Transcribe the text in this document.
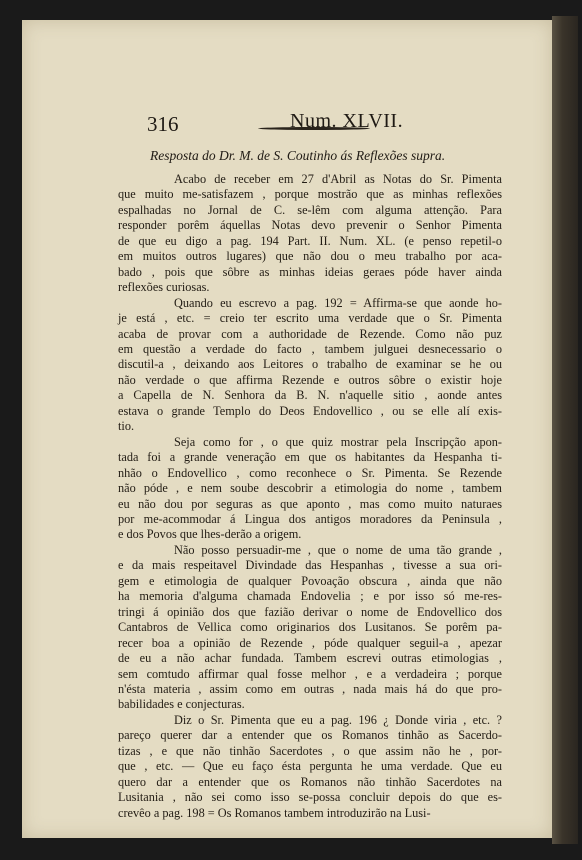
316	Num. XLVII.
Resposta do Dr. M. de S. Coutinho ás Reflexões supra.

Acabo de receber em 27 d'Abril as Notas do Sr. Pimenta
que muito me-satisfazem , porque mostrão que as minhas reflexões
espalhadas no Jornal de C. se-lêm com alguma attenção. Para
responder porêm áquellas Notas devo prevenir o Senhor Pimenta
de que eu digo a pag. 194 Part. II. Num. XL. (e penso repetil-o
em muitos outros lugares) que não dou o meu trabalho por aca-
bado , pois que sôbre as minhas ideias geraes póde haver ainda
reflexões curiosas.

Quando eu escrevo a pag. 192 = Affirma-se que aonde ho-
je está , etc. = creio ter escrito uma verdade que o Sr. Pimenta
acaba de provar com a authoridade de Rezende. Como não puz
em questão a verdade do facto , tambem julguei desnecessario o
discutil-a , deixando aos Leitores o trabalho de examinar se he ou
não verdade o que affirma Rezende e outros sôbre o existir hoje
a Capella de N. Senhora da B. N. n'aquelle sitio , aonde antes
estava o grande Templo do Deos Endovellico , ou se elle alí exis-
tio.

Seja como for , o que quiz mostrar pela Inscripção apon-
tada foi a grande veneração em que os habitantes da Hespanha ti-
nhão o Endovellico , como reconhece o Sr. Pimenta. Se Rezende
não póde , e nem soube descobrir a etimologia do nome , tambem
eu não dou por seguras as que aponto , mas como muito naturaes
por me-acommodar á Lingua dos antigos moradores da Peninsula ,
e dos Povos que lhes-derão a origem.

Não posso persuadir-me , que o nome de uma tão grande ,
e da mais respeitavel Divindade das Hespanhas , tivesse a sua ori-
gem e etimologia de qualquer Povoação obscura , ainda que não
ha memoria d'alguma chamada Endovelia ; e por isso só me-res-
tringi á opinião dos que fazião derivar o nome de Endovellico dos
Cantabros de Vellica como originarios dos Lusitanos. Se porêm pa-
recer boa a opinião de Rezende , póde qualquer seguil-a , apezar
de eu a não achar fundada. Tambem escrevi outras etimologias ,
sem comtudo affirmar qual fosse melhor , e a verdadeira ; porque
n'ésta materia , assim como em outras , nada mais há do que pro-
babilidades e conjecturas.

Diz o Sr. Pimenta que eu a pag. 196 ¿ Donde viria , etc. ?
pareço querer dar a entender que os Romanos tinhão as Sacerdo-
tizas , e que não tinhão Sacerdotes , o que assim não he , por-
que , etc. — Que eu faço ésta pergunta he uma verdade. Que eu
quero dar a entender que os Romanos não tinhão Sacerdotes na
Lusitania , não sei como isso se-possa concluir depois do que es-
crevêo a pag. 198 = Os Romanos tambem introduzirão na Lusi-
